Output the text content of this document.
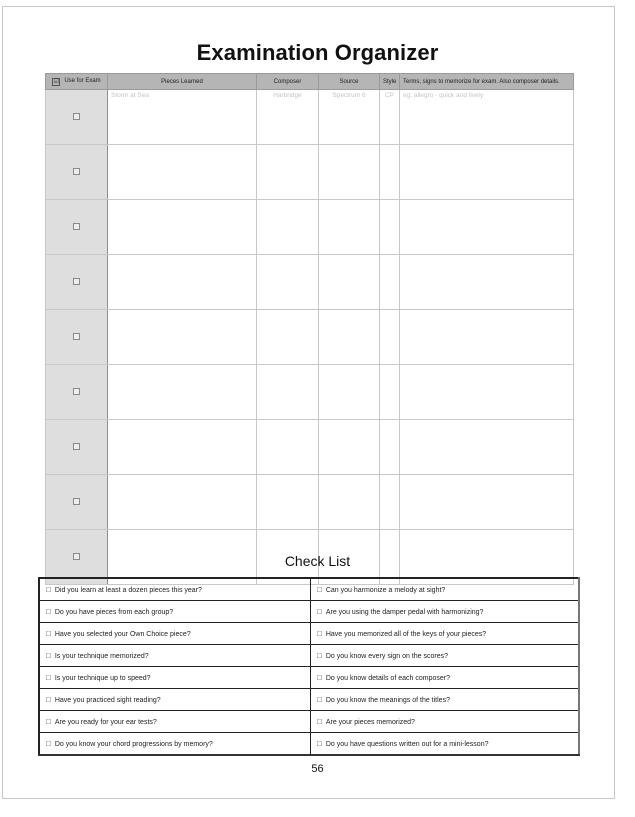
Examination Organizer
☑ Use for Exam	Pieces Learned	Composer	Source	Style	Terms, signs to memorize for exam. Also composer details.
	Storm at Sea	Harbridge	Spectrum 6	CP	eg. allegro - quick and lively

Check List
□ Did you learn at least a dozen pieces this year?	□ Can you harmonize a melody at sight?
□ Do you have pieces from each group?	□ Are you using the damper pedal with harmonizing?
□ Have you selected your Own Choice piece?	□ Have you memorized all of the keys of your pieces?
□ Is your technique memorized?	□ Do you know every sign on the scores?
□ Is your technique up to speed?	□ Do you know details of each composer?
□ Have you practiced sight reading?	□ Do you know the meanings of the titles?
□ Are you ready for your ear tests?	□ Are your pieces memorized?
□ Do you know your chord progressions by memory?	□ Do you have questions written out for a mini-lesson?
56
